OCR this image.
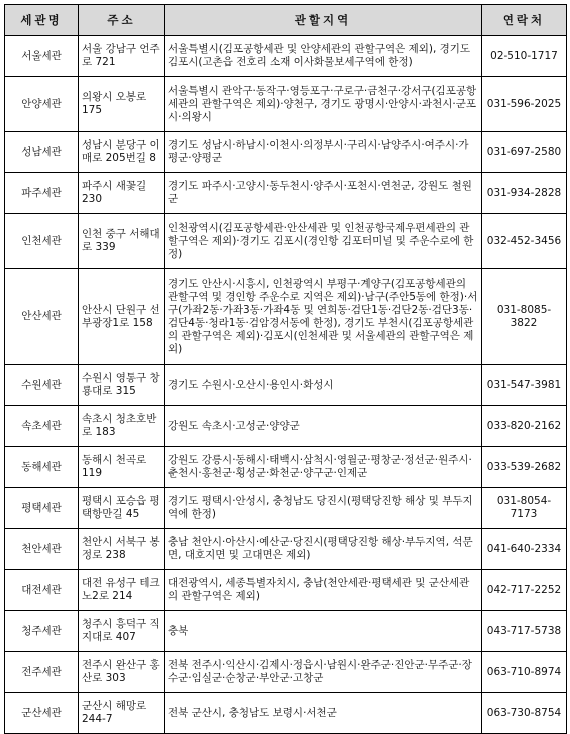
세관명	주소	관할지역	연락처
서울세관	서울 강남구 언주로 721	서울특별시(김포공항세관 및 안양세관의 관할구역은 제외), 경기도 김포시(고촌읍 전호리 소재 이사화물보세구역에 한정)	02-510-1717
안양세관	의왕시 오봉로 175	서울특별시 관악구·동작구·영등포구·구로구·금천구·강서구(김포공항세관의 관할구역은 제외)·양천구, 경기도 광명시·안양시·과천시·군포시·의왕시	031-596-2025
성남세관	성남시 분당구 이매로 205번길 8	경기도 성남시·하남시·이천시·의정부시·구리시·남양주시·여주시·가평군·양평군	031-697-2580
파주세관	파주시 새꽃길 230	경기도 파주시·고양시·동두천시·양주시·포천시·연천군, 강원도 철원군	031-934-2828
인천세관	인천 중구 서해대로 339	인천광역시(김포공항세관·안산세관 및 인천공항국제우편세관의 관할구역은 제외)·경기도 김포시(경인항 김포터미널 및 주운수로에 한정)	032-452-3456
안산세관	안산시 단원구 선부광장1로 158	경기도 안산시·시흥시, 인천광역시 부평구·계양구(김포공항세관의 관할구역 및 경인항 주운수로 지역은 제외)·남구(주안5동에 한정)·서구(가좌2동·가좌3동·가좌4동 및 연희동·검단1동·검단2동·검단3동·검단4동·청라1동·검암경서동에 한정), 경기도 부천시(김포공항세관의 관할구역은 제외)·김포시(인천세관 및 서울세관의 관할구역은 제외)	031-8085-3822
수원세관	수원시 영통구 창룡대로 315	경기도 수원시·오산시·용인시·화성시	031-547-3981
속초세관	속초시 청초호반로 183	강원도 속초시·고성군·양양군	033-820-2162
동해세관	동해시 천곡로 119	강원도 강릉시·동해시·태백시·삼척시·영월군·평창군·정선군·원주시·춘천시·홍천군·횡성군·화천군·양구군·인제군	033-539-2682
평택세관	평택시 포승읍 평택항만길 45	경기도 평택시·안성시, 충청남도 당진시(평택당진항 해상 및 부두지역에 한정)	031-8054-7173
천안세관	천안시 서북구 봉정로 238	충남 천안시·아산시·예산군·당진시(평택당진항 해상·부두지역, 석문면, 대호지면 및 고대면은 제외)	041-640-2334
대전세관	대전 유성구 테크노2로 214	대전광역시, 세종특별자치시, 충남(천안세관·평택세관 및 군산세관의 관할구역은 제외)	042-717-2252
청주세관	청주시 흥덕구 직지대로 407	충북	043-717-5738
전주세관	전주시 완산구 홍산로 303	전북 전주시·익산시·김제시·정읍시·남원시·완주군·진안군·무주군·장수군·임실군·순창군·부안군·고창군	063-710-8974
군산세관	군산시 해망로 244-7	전북 군산시, 충청남도 보령시·서천군	063-730-8754
